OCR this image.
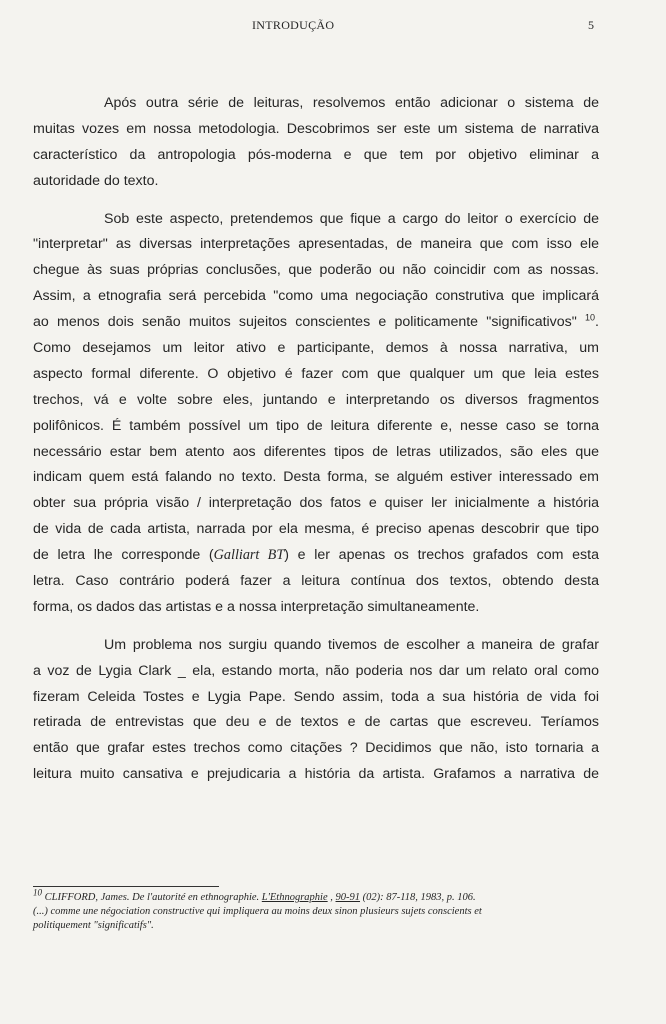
INTRODUÇÃO	5

Após outra série de leituras, resolvemos então adicionar o sistema de
muitas vozes em nossa metodologia. Descobrimos ser este um sistema de narrativa
característico da antropologia pós-moderna e que tem por objetivo eliminar a
autoridade do texto.

Sob este aspecto, pretendemos que fique a cargo do leitor o exercício de
"interpretar" as diversas interpretações apresentadas, de maneira que com isso ele
chegue às suas próprias conclusões, que poderão ou não coincidir com as nossas.
Assim, a etnografia será percebida "como uma negociação construtiva que implicará
ao menos dois senão muitos sujeitos conscientes e politicamente "significativos" $^{10}$.
Como desejamos um leitor ativo e participante, demos à nossa narrativa, um
aspecto formal diferente. O objetivo é fazer com que qualquer um que leia estes
trechos, vá e volte sobre eles, juntando e interpretando os diversos fragmentos
polifônicos. É também possível um tipo de leitura diferente e, nesse caso se torna
necessário estar bem atento aos diferentes tipos de letras utilizados, são eles que
indicam quem está falando no texto. Desta forma, se alguém estiver interessado em
obter sua própria visão / interpretação dos fatos e quiser ler inicialmente a história
de vida de cada artista, narrada por ela mesma, é preciso apenas descobrir que tipo
de letra lhe corresponde (Galliart BT) e ler apenas os trechos grafados com esta
letra. Caso contrário poderá fazer a leitura contínua dos textos, obtendo desta
forma, os dados das artistas e a nossa interpretação simultaneamente.

Um problema nos surgiu quando tivemos de escolher a maneira de grafar
a voz de Lygia Clark _ ela, estando morta, não poderia nos dar um relato oral como
fizeram Celeida Tostes e Lygia Pape. Sendo assim, toda a sua história de vida foi
retirada de entrevistas que deu e de textos e de cartas que escreveu. Teríamos
então que grafar estes trechos como citações ? Decidimos que não, isto tornaria a
leitura muito cansativa e prejudicaria a história da artista. Grafamos a narrativa de

$^{10}$ CLIFFORD, James. De l'autorité en ethnographie. L'Ethnographie , 90-91 (02): 87-118, 1983, p. 106.
(...) comme une négociation constructive qui impliquera au moins deux sinon plusieurs sujets conscients et
politiquement "significatifs".
